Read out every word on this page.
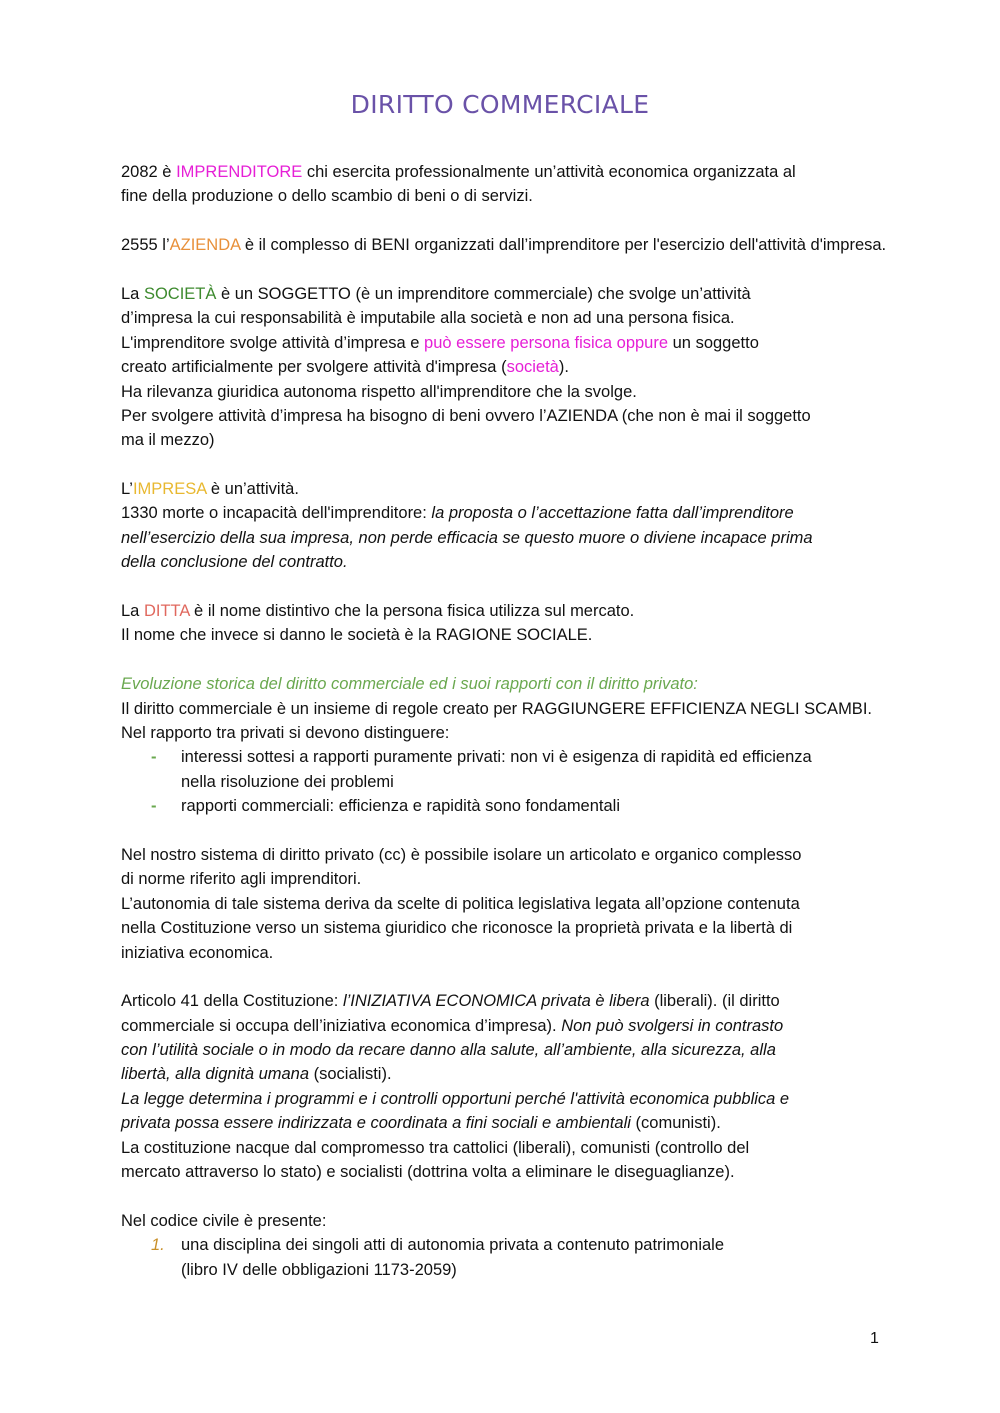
DIRITTO COMMERCIALE
2082 è IMPRENDITORE chi esercita professionalmente un’attività economica organizzata al
fine della produzione o dello scambio di beni o di servizi.
2555 l’AZIENDA è il complesso di BENI organizzati dall’imprenditore per l'esercizio dell'attività d'impresa.
La SOCIETÀ è un SOGGETTO (è un imprenditore commerciale) che svolge un’attività
d’impresa la cui responsabilità è imputabile alla società e non ad una persona fisica.
L'imprenditore svolge attività d’impresa e può essere persona fisica oppure un soggetto
creato artificialmente per svolgere attività d'impresa (società).
Ha rilevanza giuridica autonoma rispetto all'imprenditore che la svolge.
Per svolgere attività d’impresa ha bisogno di beni ovvero l’AZIENDA (che non è mai il soggetto
ma il mezzo)
L’IMPRESA è un’attività.
1330 morte o incapacità dell'imprenditore: la proposta o l’accettazione fatta dall’imprenditore
nell’esercizio della sua impresa, non perde efficacia se questo muore o diviene incapace prima
della conclusione del contratto.
La DITTA è il nome distintivo che la persona fisica utilizza sul mercato.
Il nome che invece si danno le società è la RAGIONE SOCIALE.
Evoluzione storica del diritto commerciale ed i suoi rapporti con il diritto privato:
Il diritto commerciale è un insieme di regole creato per RAGGIUNGERE EFFICIENZA NEGLI SCAMBI.
Nel rapporto tra privati si devono distinguere:
- interessi sottesi a rapporti puramente privati: non vi è esigenza di rapidità ed efficienza
nella risoluzione dei problemi
- rapporti commerciali: efficienza e rapidità sono fondamentali
Nel nostro sistema di diritto privato (cc) è possibile isolare un articolato e organico complesso
di norme riferito agli imprenditori.
L’autonomia di tale sistema deriva da scelte di politica legislativa legata all’opzione contenuta
nella Costituzione verso un sistema giuridico che riconosce la proprietà privata e la libertà di
iniziativa economica.
Articolo 41 della Costituzione: l’INIZIATIVA ECONOMICA privata è libera (liberali). (il diritto
commerciale si occupa dell’iniziativa economica d’impresa). Non può svolgersi in contrasto
con l’utilità sociale o in modo da recare danno alla salute, all’ambiente, alla sicurezza, alla
libertà, alla dignità umana (socialisti).
La legge determina i programmi e i controlli opportuni perché l'attività economica pubblica e
privata possa essere indirizzata e coordinata a fini sociali e ambientali (comunisti).
La costituzione nacque dal compromesso tra cattolici (liberali), comunisti (controllo del
mercato attraverso lo stato) e socialisti (dottrina volta a eliminare le diseguaglianze).
Nel codice civile è presente:
1. una disciplina dei singoli atti di autonomia privata a contenuto patrimoniale
(libro IV delle obbligazioni 1173-2059)
1
